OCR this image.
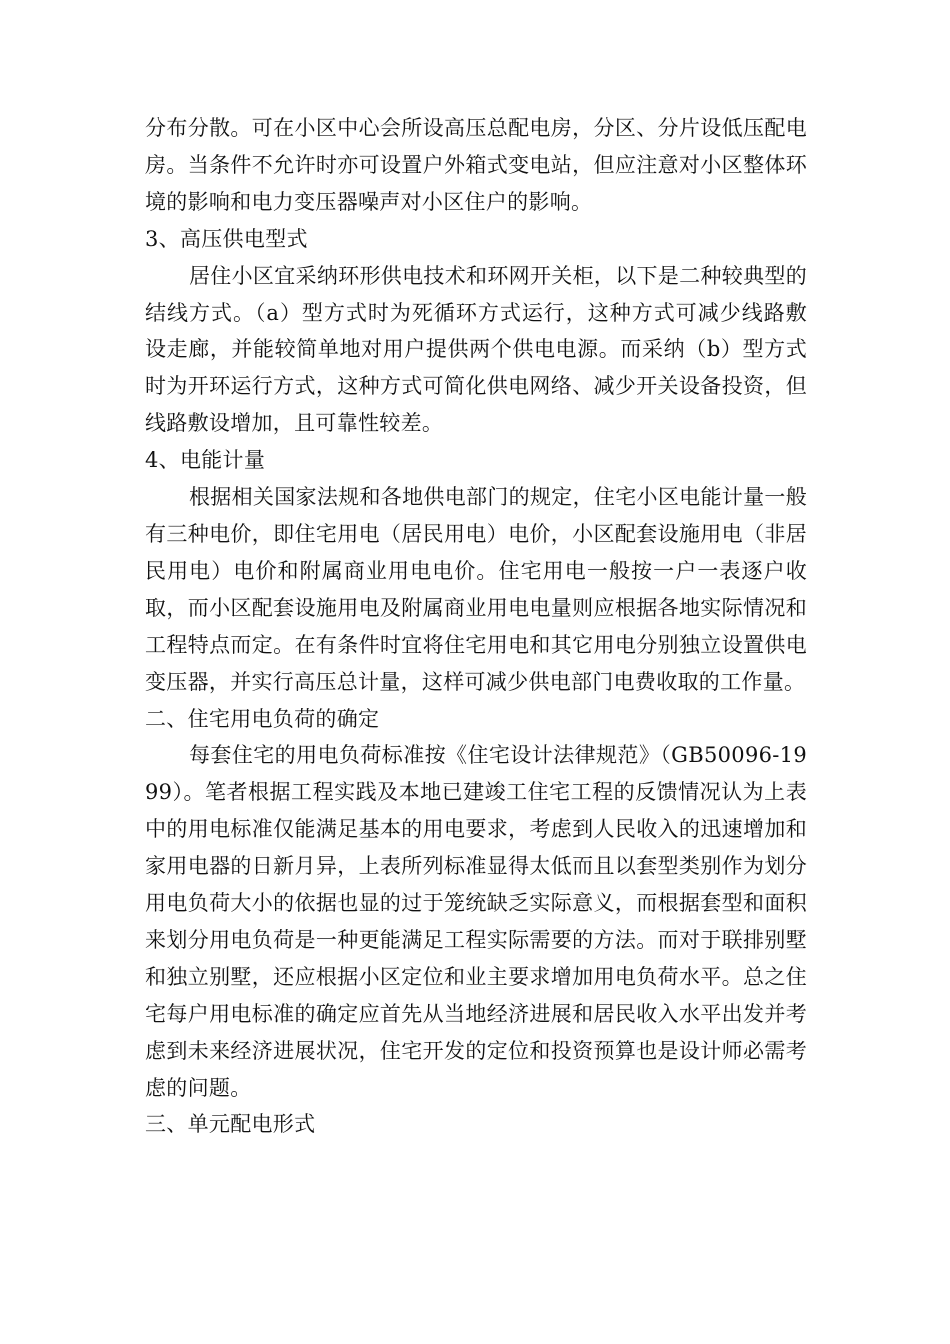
分布分散。可在小区中心会所设高压总配电房，分区、分片设低压配电房。当条件不允许时亦可设置户外箱式变电站，但应注意对小区整体环境的影响和电力变压器噪声对小区住户的影响。

3、高压供电型式

居住小区宜采纳环形供电技术和环网开关柜，以下是二种较典型的结线方式。（a）型方式时为死循环方式运行，这种方式可减少线路敷设走廊，并能较简单地对用户提供两个供电电源。而采纳（b）型方式时为开环运行方式，这种方式可简化供电网络、减少开关设备投资，但线路敷设增加，且可靠性较差。

4、电能计量

根据相关国家法规和各地供电部门的规定，住宅小区电能计量一般有三种电价，即住宅用电（居民用电）电价，小区配套设施用电（非居民用电）电价和附属商业用电电价。住宅用电一般按一户一表逐户收取，而小区配套设施用电及附属商业用电电量则应根据各地实际情况和工程特点而定。在有条件时宜将住宅用电和其它用电分别独立设置供电变压器，并实行高压总计量，这样可减少供电部门电费收取的工作量。

二、住宅用电负荷的确定

每套住宅的用电负荷标准按《住宅设计法律规范》（GB50096-1999）。笔者根据工程实践及本地已建竣工住宅工程的反馈情况认为上表中的用电标准仅能满足基本的用电要求，考虑到人民收入的迅速增加和家用电器的日新月异，上表所列标准显得太低而且以套型类别作为划分用电负荷大小的依据也显的过于笼统缺乏实际意义，而根据套型和面积来划分用电负荷是一种更能满足工程实际需要的方法。而对于联排别墅和独立别墅，还应根据小区定位和业主要求增加用电负荷水平。总之住宅每户用电标准的确定应首先从当地经济进展和居民收入水平出发并考虑到未来经济进展状况，住宅开发的定位和投资预算也是设计师必需考虑的问题。

三、单元配电形式
